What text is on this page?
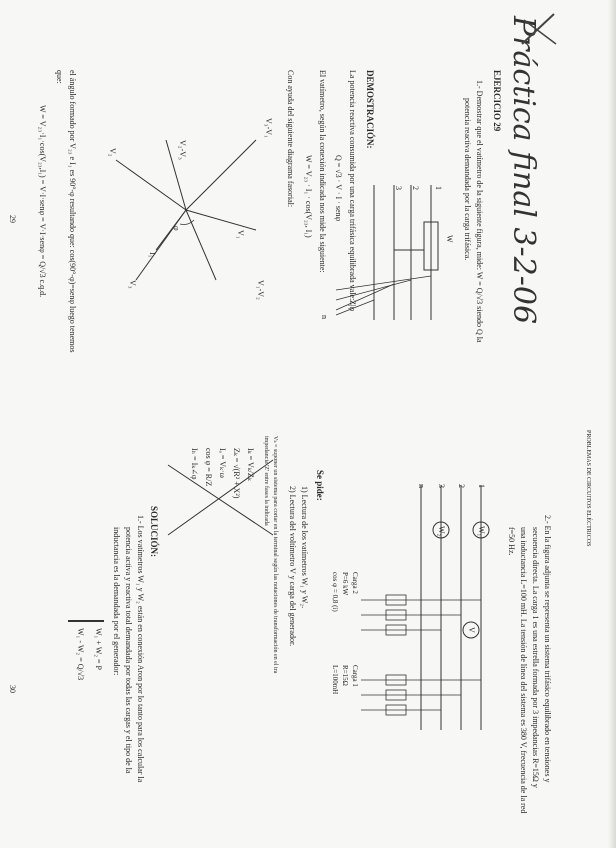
Práctica final 3-2-06
EJERCICIO 29
1.- Demostrar que el vatímetro de la siguiente figura, mide: W = Q/√3 siendo Q la
potencia reactiva demandada por la carga trifásica.
1
2
3
W
Z|φ
n
DEMOSTRACIÓN:
La potencia reactiva consumida por una carga trifásica equilibrada vale:
Q = √3 · V · I · senφ
El vatímetro, según la conexión indicada nos mide la siguiente:
W = V₂₃ · I₁ · cos(V₂₃, I₁)
Con ayuda del siguiente diagrama fasorial:
V₁-V₂
V₃-V₁
V₁
V₂
V₃
V₂-V₃
I₁
φ
el ángulo formado por V₂₃ e I₁ es 90°-φ resultando que: cos(90°-φ)=senφ luego tenemos
que:
W = V₂₃·I₁·cos(V₂₃,I₁) = V·I·senφ = V·I·senφ = Q/√3 c.q.d.
29
PROBLEMAS DE CIRCUITOS ELÉCTRICOS
2.- En la figura adjunta se representa un sistema trifásico equilibrado en tensiones y
secuencia directa. La carga 1 es una estrella formada por 3 impedancias R=15Ω y
una inductancia L=100 mH. La tensión de línea del sistema es 380 V, frecuencia de la red
f=50 Hz.
1
2
3
n
W₁
W₂
V
Carga 2
P=6 kW
cos φ = 0,8 (i)
Carga 1
R=15Ω
L=100mH
Se pide:
1) Lectura de los vatímetros W₁ y W₂.
2) Lectura del voltímetro V y carga del generador.
Vₖ = suponer un sistema para cortar en la terminal según las notaciones de transformación en el tra
impedancia 'Z' entre fases la indicada
Iₖ = Vₖ/Zₖ
Zₖ = √(R² + X²)
Iₐ = Vₖ·ω
cos φ = R/Z
Iₕ = Iₖ∠φ
SOLUCIÓN:
1.- Los vatímetros W₁ y W₂ están en conexión Aron por lo tanto para los calcular la
potencia activa y reactiva total demandada por todas las cargas y el tipo de la
inductancia es la demandada por el generador:
W₁ + W₂ = P
W₁ - W₂ = Q/√3
30
